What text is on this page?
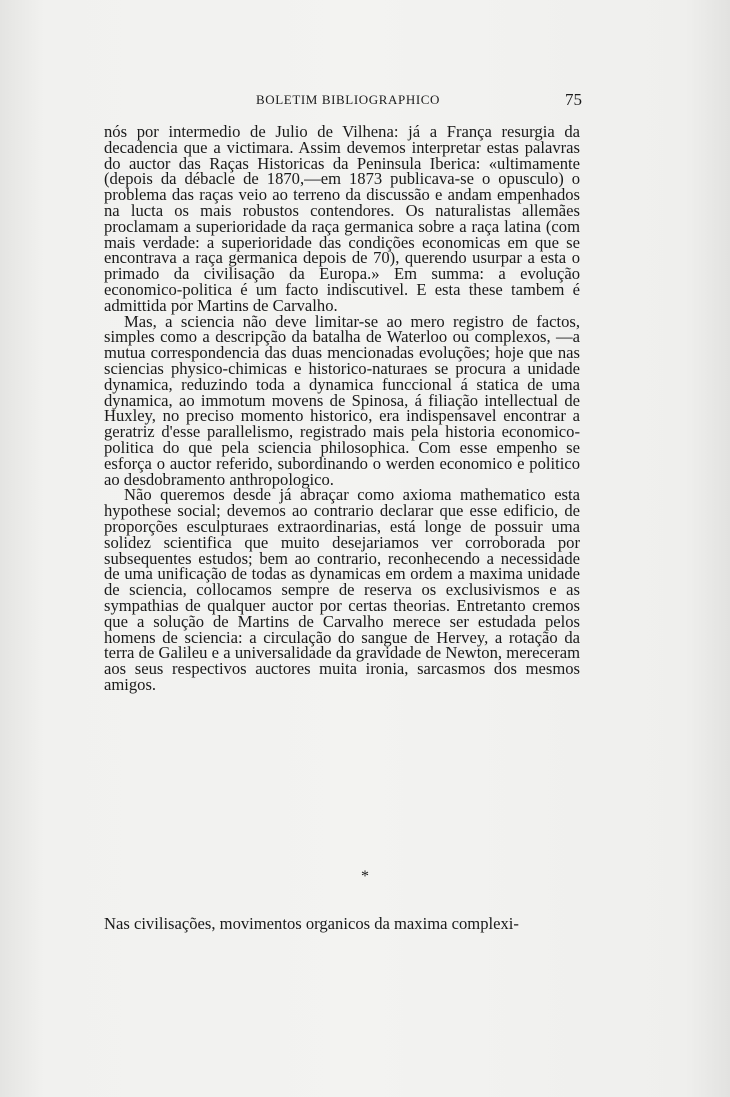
BOLETIM BIBLIOGRAPHICO	75

nós por intermedio de Julio de Vilhena: já a França resurgia da decadencia que a victimara. Assim devemos interpretar estas palavras do auctor das Raças Historicas da Peninsula Iberica: «ultimamente (depois da débacle de 1870,—em 1873 publicava-se o opusculo) o problema das raças veio ao terreno da discussão e andam empenhados na lucta os mais robustos contendores. Os naturalistas allemães proclamam a superioridade da raça germanica sobre a raça latina (com mais verdade: a superioridade das condições economicas em que se encontrava a raça germanica depois de 70), querendo usurpar a esta o primado da civilisação da Europa.» Em summa: a evolução economico-politica é um facto indiscutivel. E esta these tambem é admittida por Martins de Carvalho.

Mas, a sciencia não deve limitar-se ao mero registro de factos, simples como a descripção da batalha de Waterloo ou complexos, —a mutua correspondencia das duas mencionadas evoluções; hoje que nas sciencias physico-chimicas e historico-naturaes se procura a unidade dynamica, reduzindo toda a dynamica funccional á statica de uma dynamica, ao immotum movens de Spinosa, á filiação intellectual de Huxley, no preciso momento historico, era indispensavel encontrar a geratriz d'esse parallelismo, registrado mais pela historia economico-politica do que pela sciencia philosophica. Com esse empenho se esforça o auctor referido, subordinando o werden economico e politico ao desdobramento anthropologico.

Não queremos desde já abraçar como axioma mathematico esta hypothese social; devemos ao contrario declarar que esse edificio, de proporções esculpturaes extraordinarias, está longe de possuir uma solidez scientifica que muito desejariamos ver corroborada por subsequentes estudos; bem ao contrario, reconhecendo a necessidade de uma unificação de todas as dynamicas em ordem a maxima unidade de sciencia, collocamos sempre de reserva os exclusivismos e as sympathias de qualquer auctor por certas theorias. Entretanto cremos que a solução de Martins de Carvalho merece ser estudada pelos homens de sciencia: a circulação do sangue de Hervey, a rotação da terra de Galileu e a universalidade da gravidade de Newton, mereceram aos seus respectivos auctores muita ironia, sarcasmos dos mesmos amigos.

*
Nas civilisações, movimentos organicos da maxima complexi-
